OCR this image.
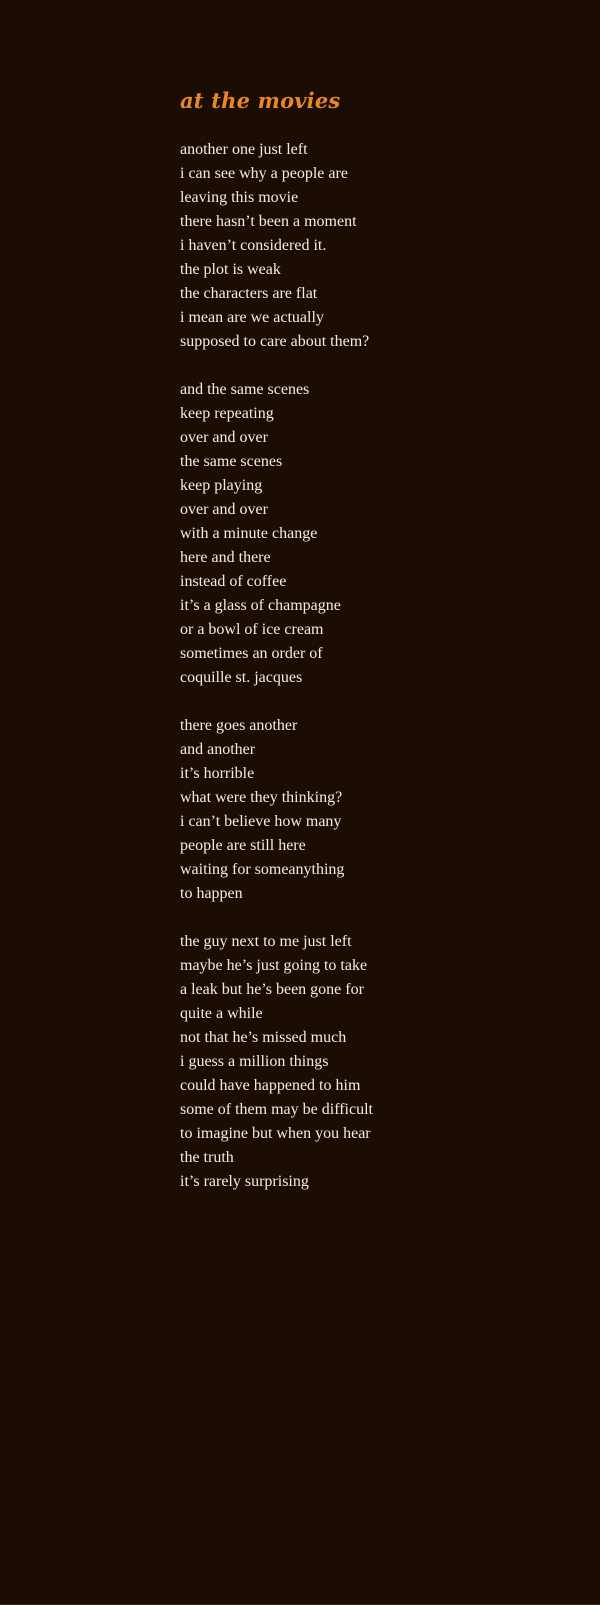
at the movies
another one just left
i can see why a people are
leaving this movie
there hasn’t been a moment
i haven’t considered it.
the plot is weak
the characters are flat
i mean are we actually
supposed to care about them?
and the same scenes
keep repeating
over and over
the same scenes
keep playing
over and over
with a minute change
here and there
instead of coffee
it’s a glass of champagne
or a bowl of ice cream
sometimes an order of
coquille st. jacques
there goes another
and another
it’s horrible
what were they thinking?
i can’t believe how many
people are still here
waiting for someanything
to happen
the guy next to me just left
maybe he’s just going to take
a leak but he’s been gone for
quite a while
not that he’s missed much
i guess a million things
could have happened to him
some of them may be difficult
to imagine but when you hear
the truth
it’s rarely surprising
